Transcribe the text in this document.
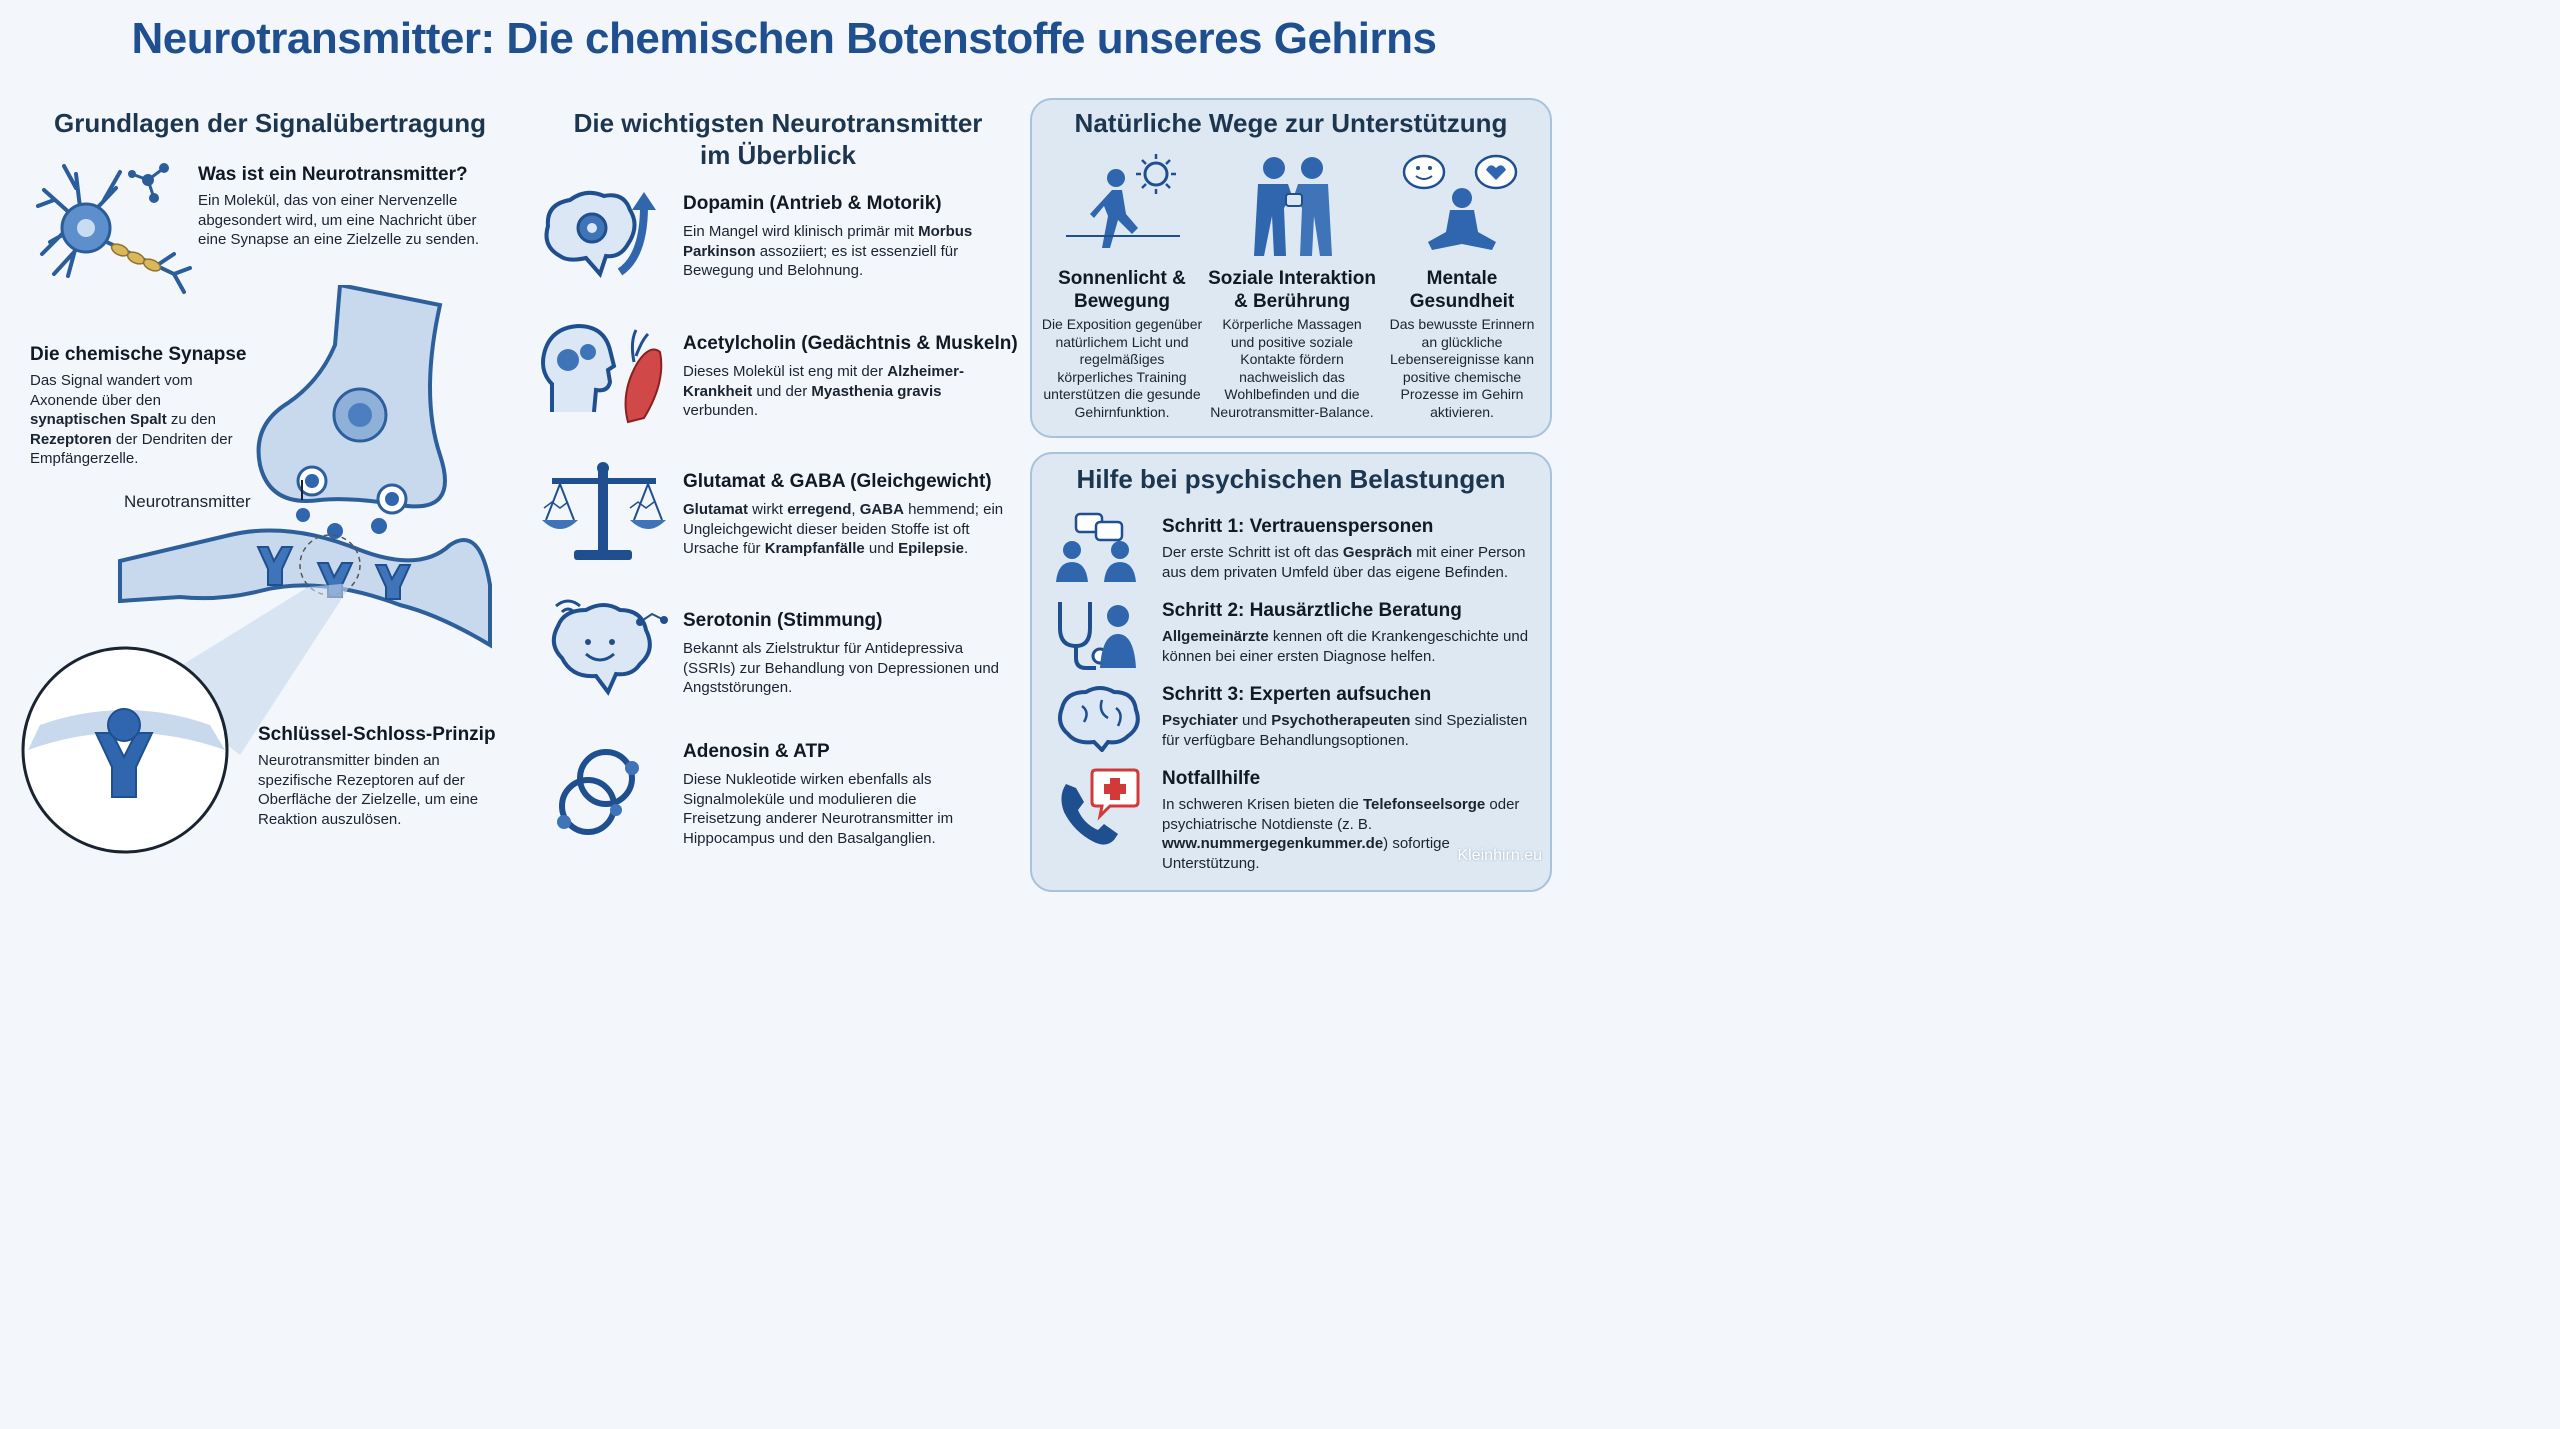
Neurotransmitter: Die chemischen Botenstoffe unseres Gehirns
Grundlagen der Signalübertragung
Was ist ein Neurotransmitter?
Ein Molekül, das von einer Nervenzelle abgesondert wird, um eine Nachricht über eine Synapse an eine Zielzelle zu senden.
Die chemische Synapse
Das Signal wandert vom Axonende über den synaptischen Spalt zu den Rezeptoren der Dendriten der Empfängerzelle.
Neurotransmitter
Schlüssel-Schloss-Prinzip
Neurotransmitter binden an spezifische Rezeptoren auf der Oberfläche der Zielzelle, um eine Reaktion auszulösen.
Die wichtigsten Neurotransmitter
im Überblick
Dopamin (Antrieb & Motorik)
Ein Mangel wird klinisch primär mit Morbus Parkinson assoziiert; es ist essenziell für Bewegung und Belohnung.
Acetylcholin (Gedächtnis & Muskeln)
Dieses Molekül ist eng mit der Alzheimer-Krankheit und der Myasthenia gravis verbunden.
Glutamat & GABA (Gleichgewicht)
Glutamat wirkt erregend, GABA hemmend; ein Ungleichgewicht dieser beiden Stoffe ist oft Ursache für Krampfanfälle und Epilepsie.
Serotonin (Stimmung)
Bekannt als Zielstruktur für Antidepressiva (SSRIs) zur Behandlung von Depressionen und Angststörungen.
Adenosin & ATP
Diese Nukleotide wirken ebenfalls als Signalmoleküle und modulieren die Freisetzung anderer Neurotransmitter im Hippocampus und den Basalganglien.
Natürliche Wege zur Unterstützung
Sonnenlicht & Bewegung
Die Exposition gegenüber natürlichem Licht und regelmäßiges körperliches Training unterstützen die gesunde Gehirnfunktion.
Soziale Interaktion & Berührung
Körperliche Massagen und positive soziale Kontakte fördern nachweislich das Wohlbefinden und die Neurotransmitter-Balance.
Mentale Gesundheit
Das bewusste Erinnern an glückliche Lebensereignisse kann positive chemische Prozesse im Gehirn aktivieren.
Hilfe bei psychischen Belastungen
Schritt 1: Vertrauenspersonen
Der erste Schritt ist oft das Gespräch mit einer Person aus dem privaten Umfeld über das eigene Befinden.
Schritt 2: Hausärztliche Beratung
Allgemeinärzte kennen oft die Krankengeschichte und können bei einer ersten Diagnose helfen.
Schritt 3: Experten aufsuchen
Psychiater und Psychotherapeuten sind Spezialisten für verfügbare Behandlungsoptionen.
Notfallhilfe
In schweren Krisen bieten die Telefonseelsorge oder psychiatrische Notdienste (z. B. www.nummergegenkummer.de) sofortige Unterstützung.	Kleinhirn.eu
